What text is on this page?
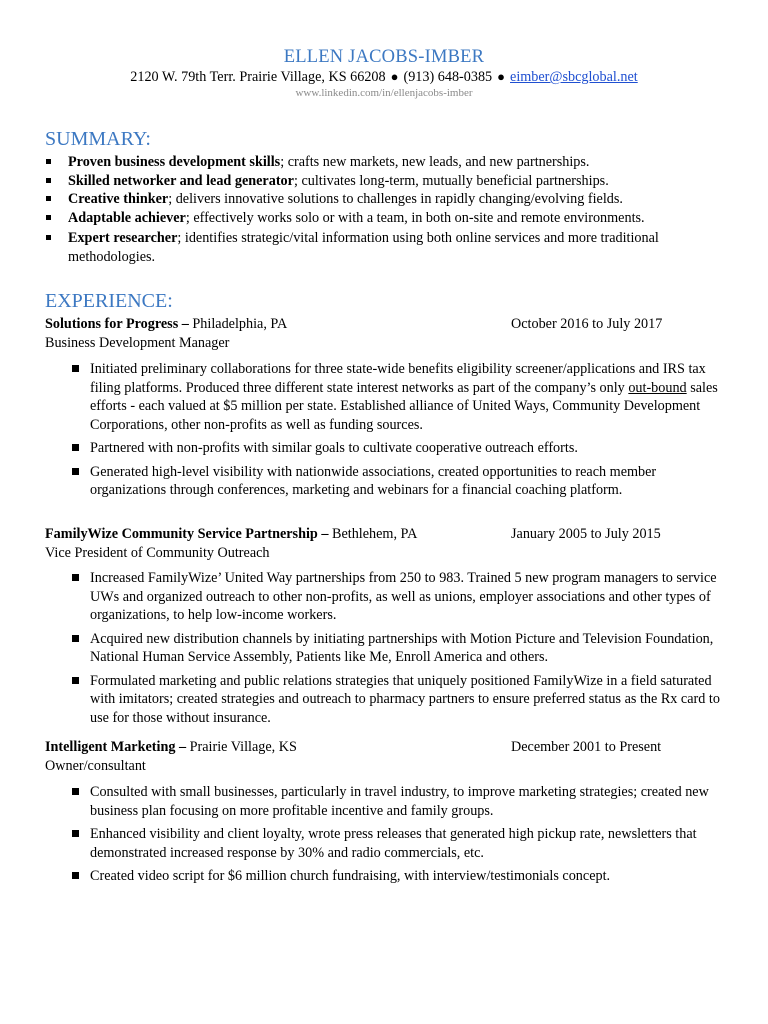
ELLEN JACOBS-IMBER
2120 W. 79th Terr. Prairie Village, KS 66208 ● (913) 648-0385 ● eimber@sbcglobal.net
www.linkedin.com/in/ellenjacobs-imber
SUMMARY:
Proven business development skills; crafts new markets, new leads, and new partnerships.
Skilled networker and lead generator; cultivates long-term, mutually beneficial partnerships.
Creative thinker; delivers innovative solutions to challenges in rapidly changing/evolving fields.
Adaptable achiever; effectively works solo or with a team, in both on-site and remote environments.
Expert researcher; identifies strategic/vital information using both online services and more traditional methodologies.
EXPERIENCE:
Solutions for Progress – Philadelphia, PA	October 2016 to July 2017
Business Development Manager
Initiated preliminary collaborations for three state-wide benefits eligibility screener/applications and IRS tax filing platforms. Produced three different state interest networks as part of the company’s only out-bound sales efforts - each valued at $5 million per state. Established alliance of United Ways, Community Development Corporations, other non-profits as well as funding sources.
Partnered with non-profits with similar goals to cultivate cooperative outreach efforts.
Generated high-level visibility with nationwide associations, created opportunities to reach member organizations through conferences, marketing and webinars for a financial coaching platform.
FamilyWize Community Service Partnership – Bethlehem, PA	January 2005 to July 2015
Vice President of Community Outreach
Increased FamilyWize’ United Way partnerships from 250 to 983. Trained 5 new program managers to service UWs and organized outreach to other non-profits, as well as unions, employer associations and other types of organizations, to help low-income workers.
Acquired new distribution channels by initiating partnerships with Motion Picture and Television Foundation, National Human Service Assembly, Patients like Me, Enroll America and others.
Formulated marketing and public relations strategies that uniquely positioned FamilyWize in a field saturated with imitators; created strategies and outreach to pharmacy partners to ensure preferred status as the Rx card to use for those without insurance.
Intelligent Marketing – Prairie Village, KS	December 2001 to Present
Owner/consultant
Consulted with small businesses, particularly in travel industry, to improve marketing strategies; created new business plan focusing on more profitable incentive and family groups.
Enhanced visibility and client loyalty, wrote press releases that generated high pickup rate, newsletters that demonstrated increased response by 30% and radio commercials, etc.
Created video script for $6 million church fundraising, with interview/testimonials concept.
